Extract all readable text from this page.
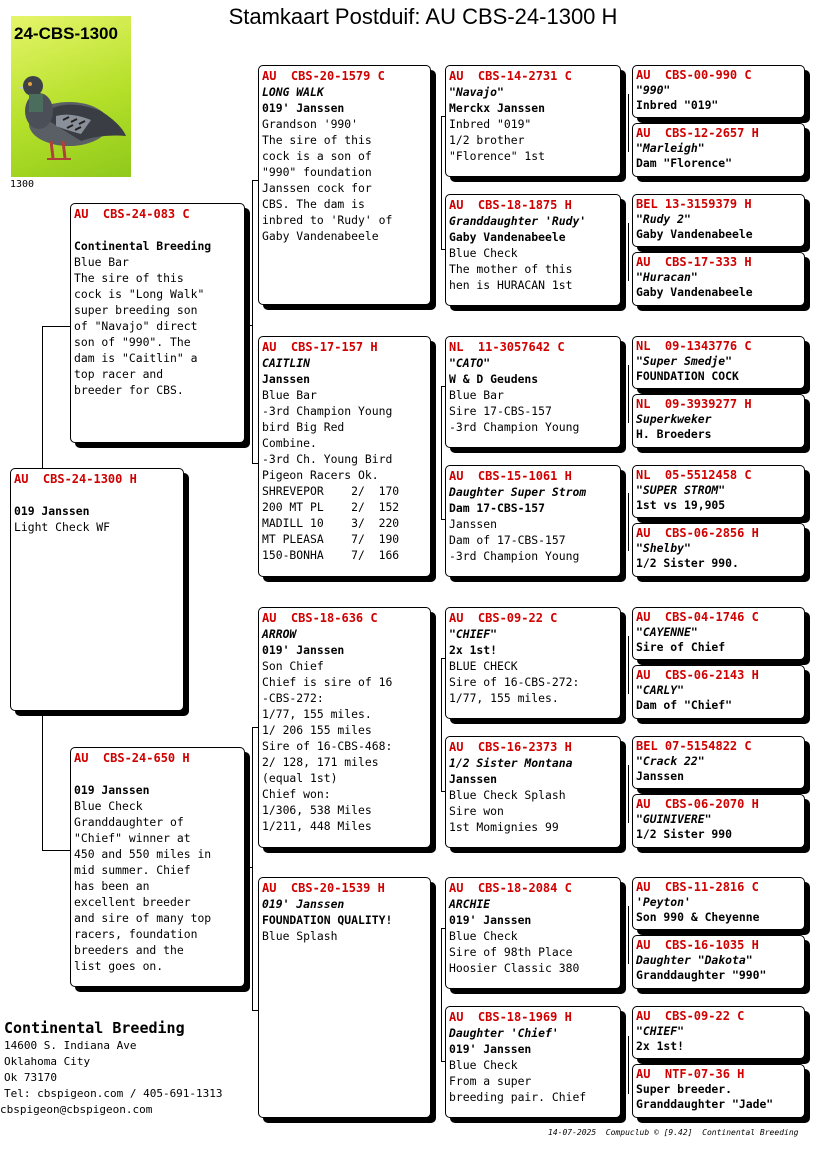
Stamkaart Postduif: AU CBS-24-1300 H
24-CBS-1300
1300
AU  CBS-24-1300 H

019 Janssen
Light Check WF
AU  CBS-24-083 C

Continental Breeding
Blue Bar
The sire of this
cock is "Long Walk"
super breeding son
of "Navajo" direct
son of "990". The
dam is "Caitlin" a
top racer and
breeder for CBS.
AU  CBS-24-650 H

019 Janssen
Blue Check
Granddaughter of
"Chief" winner at
450 and 550 miles in
mid summer. Chief
has been an
excellent breeder
and sire of many top
racers, foundation
breeders and the
list goes on.
AU  CBS-20-1579 C
LONG WALK
019' Janssen
Grandson '990'
The sire of this
cock is a son of
"990" foundation
Janssen cock for
CBS. The dam is
inbred to 'Rudy' of
Gaby Vandenabeele
AU  CBS-17-157 H
CAITLIN
Janssen
Blue Bar
-3rd Champion Young
bird Big Red
Combine.
-3rd Ch. Young Bird
Pigeon Racers Ok.
SHREVEPOR    2/  170
200 MT PL    2/  152
MADILL 10    3/  220
MT PLEASA    7/  190
150-BONHA    7/  166
AU  CBS-18-636 C
ARROW
019' Janssen
Son Chief
Chief is sire of 16
-CBS-272:
1/77, 155 miles.
1/ 206 155 miles
Sire of 16-CBS-468:
2/ 128, 171 miles
(equal 1st)
Chief won:
1/306, 538 Miles
1/211, 448 Miles
AU  CBS-20-1539 H
019' Janssen
FOUNDATION QUALITY!
Blue Splash
AU  CBS-14-2731 C
"Navajo"
Merckx Janssen
Inbred "019"
1/2 brother
"Florence" 1st
AU  CBS-18-1875 H
Granddaughter 'Rudy'
Gaby Vandenabeele
Blue Check
The mother of this
hen is HURACAN 1st
NL  11-3057642 C
"CATO"
W & D Geudens
Blue Bar
Sire 17-CBS-157
-3rd Champion Young
AU  CBS-15-1061 H
Daughter Super Strom
Dam 17-CBS-157
Janssen
Dam of 17-CBS-157
-3rd Champion Young
AU  CBS-09-22 C
"CHIEF"
2x 1st!
BLUE CHECK
Sire of 16-CBS-272:
1/77, 155 miles.
AU  CBS-16-2373 H
1/2 Sister Montana
Janssen
Blue Check Splash
Sire won
1st Momignies 99
AU  CBS-18-2084 C
ARCHIE
019' Janssen
Blue Check
Sire of 98th Place
Hoosier Classic 380
AU  CBS-18-1969 H
Daughter 'Chief'
019' Janssen
Blue Check
From a super
breeding pair. Chief
AU  CBS-00-990 C
"990"
Inbred "019"
AU  CBS-12-2657 H
"Marleigh"
Dam "Florence"
BEL 13-3159379 H
"Rudy 2"
Gaby Vandenabeele
AU  CBS-17-333 H
"Huracan"
Gaby Vandenabeele
NL  09-1343776 C
"Super Smedje"
FOUNDATION COCK
NL  09-3939277 H
Superkweker
H. Broeders
NL  05-5512458 C
"SUPER STROM"
1st vs 19,905
AU  CBS-06-2856 H
"Shelby"
1/2 Sister 990.
AU  CBS-04-1746 C
"CAYENNE"
Sire of Chief
AU  CBS-06-2143 H
"CARLY"
Dam of "Chief"
BEL 07-5154822 C
"Crack 22"
Janssen
AU  CBS-06-2070 H
"GUINIVERE"
1/2 Sister 990
AU  CBS-11-2816 C
'Peyton'
Son 990 & Cheyenne
AU  CBS-16-1035 H
Daughter "Dakota"
Granddaughter "990"
AU  CBS-09-22 C
"CHIEF"
2x 1st!
AU  NTF-07-36 H
Super breeder.
Granddaughter "Jade"
Continental Breeding
14600 S. Indiana Ave
Oklahoma City
Ok 73170
Tel: cbspigeon.com / 405-691-1313
cbspigeon@cbspigeon.com
14-07-2025  Compuclub © [9.42]  Continental Breeding
